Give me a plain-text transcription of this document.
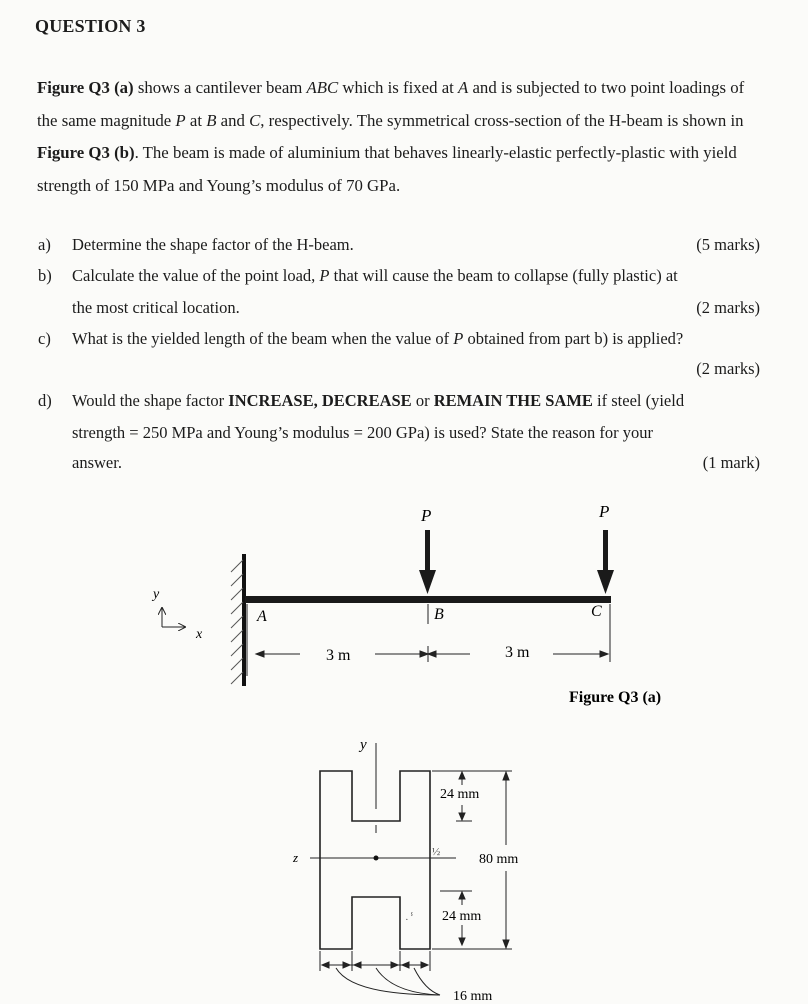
QUESTION 3
Figure Q3 (a) shows a cantilever beam ABC which is fixed at A and is subjected to two point loadings of the same magnitude P at B and C, respectively. The symmetrical cross-section of the H-beam is shown in Figure Q3 (b). The beam is made of aluminium that behaves linearly-elastic perfectly-plastic with yield strength of 150 MPa and Young’s modulus of 70 GPa.
a) Determine the shape factor of the H-beam.	(5 marks)
b) Calculate the value of the point load, P that will cause the beam to collapse (fully plastic) at
the most critical location.	(2 marks)
c) What is the yielded length of the beam when the value of P obtained from part b) is applied?
(2 marks)
d) Would the shape factor INCREASE, DECREASE or REMAIN THE SAME if steel (yield
strength = 250 MPa and Young’s modulus = 200 GPa) is used? State the reason for your
answer.	(1 mark)
y
x
P	P
A	B	C
3 m	3 m
Figure Q3 (a)
y
z	½	80 mm
24 mm
24 mm
·ⸯ
16 mm
